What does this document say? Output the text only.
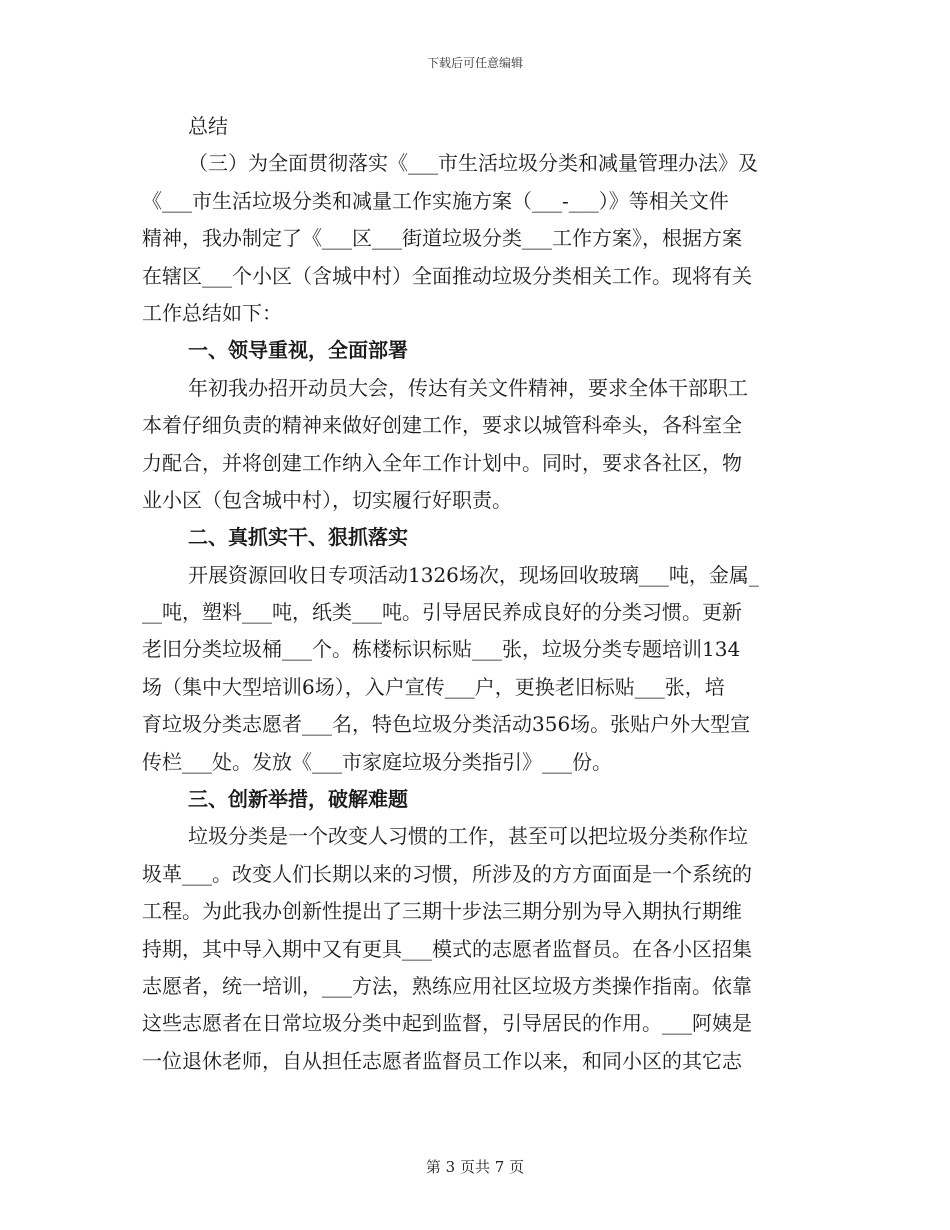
下载后可任意编辑
总结
（三）为全面贯彻落实《___市生活垃圾分类和减量管理办法》及
《___市生活垃圾分类和减量工作实施方案（___-___）》等相关文件
精神，我办制定了《___区___街道垃圾分类___工作方案》，根据方案
在辖区___个小区（含城中村）全面推动垃圾分类相关工作。现将有关
工作总结如下：
一、领导重视，全面部署
年初我办招开动员大会，传达有关文件精神，要求全体干部职工
本着仔细负责的精神来做好创建工作，要求以城管科牵头，各科室全
力配合，并将创建工作纳入全年工作计划中。同时，要求各社区，物
业小区（包含城中村），切实履行好职责。
二、真抓实干、狠抓落实
开展资源回收日专项活动1326场次，现场回收玻璃___吨，金属_
__吨，塑料___吨，纸类___吨。引导居民养成良好的分类习惯。更新
老旧分类垃圾桶___个。栋楼标识标贴___张，垃圾分类专题培训134
场（集中大型培训6场），入户宣传___户，更换老旧标贴___张，培
育垃圾分类志愿者___名，特色垃圾分类活动356场。张贴户外大型宣
传栏___处。发放《___市家庭垃圾分类指引》___份。
三、创新举措，破解难题
垃圾分类是一个改变人习惯的工作，甚至可以把垃圾分类称作垃
圾革___。改变人们长期以来的习惯，所涉及的方方面面是一个系统的
工程。为此我办创新性提出了三期十步法三期分别为导入期执行期维
持期，其中导入期中又有更具___模式的志愿者监督员。在各小区招集
志愿者，统一培训，___方法，熟练应用社区垃圾方类操作指南。依靠
这些志愿者在日常垃圾分类中起到监督，引导居民的作用。___阿姨是
一位退休老师，自从担任志愿者监督员工作以来，和同小区的其它志
第 3 页共 7 页
